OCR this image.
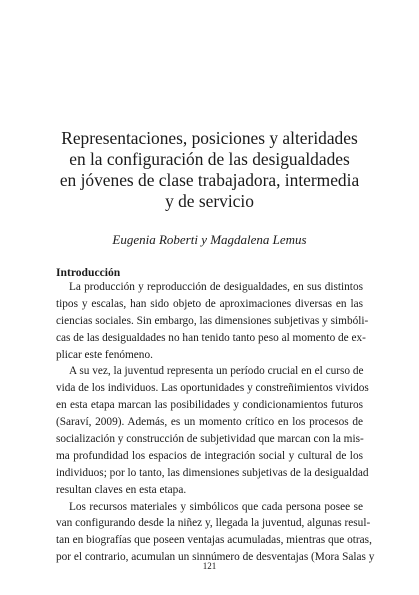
Representaciones, posiciones y alteridades
en la configuración de las desigualdades
en jóvenes de clase trabajadora, intermedia
y de servicio
Eugenia Roberti y Magdalena Lemus
Introducción
La producción y reproducción de desigualdades, en sus distintos
tipos y escalas, han sido objeto de aproximaciones diversas en las
ciencias sociales. Sin embargo, las dimensiones subjetivas y simbóli-
cas de las desigualdades no han tenido tanto peso al momento de ex-
plicar este fenómeno.
A su vez, la juventud representa un período crucial en el curso de
vida de los individuos. Las oportunidades y constreñimientos vividos
en esta etapa marcan las posibilidades y condicionamientos futuros
(Saraví, 2009). Además, es un momento crítico en los procesos de
socialización y construcción de subjetividad que marcan con la mis-
ma profundidad los espacios de integración social y cultural de los
individuos; por lo tanto, las dimensiones subjetivas de la desigualdad
resultan claves en esta etapa.
Los recursos materiales y simbólicos que cada persona posee se
van configurando desde la niñez y, llegada la juventud, algunas resul-
tan en biografías que poseen ventajas acumuladas, mientras que otras,
por el contrario, acumulan un sinnúmero de desventajas (Mora Salas y
121
